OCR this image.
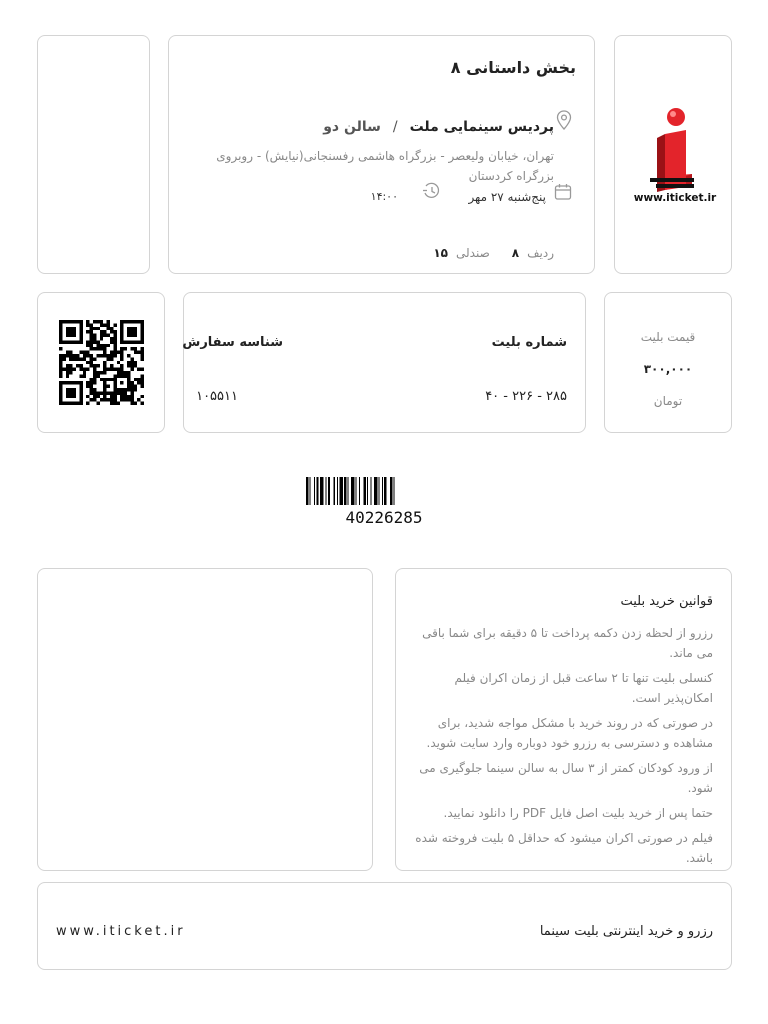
بخش داستانی ۸
پردیس سینمایی ملت/سالن دو
تهران، خیابان ولیعصر - بزرگراه هاشمی رفسنجانی(نیایش) - روبروی بزرگراه کردستان
پنج‌شنبه ۲۷ مهر
۱۴:۰۰
ردیف۸صندلی۱۵
www.iticket.ir
شماره بلیت
شناسه سفارش
۲۸۵ - ۲۲۶ - ۴۰
۱۰۵۵۱۱
قیمت بلیت
۳۰۰,۰۰۰
تومان
40226285
قوانین خرید بلیت
رزرو از لحظه زدن دکمه پرداخت تا ۵ دقیقه برای شما باقی می ماند.
کنسلی بلیت تنها تا ۲ ساعت قبل از زمان اکران فیلم امکان‌پذیر است.
در صورتی که در روند خرید با مشکل مواجه شدید، برای مشاهده و دسترسی به رزرو خود دوباره وارد سایت شوید.
از ورود کودکان کمتر از ۳ سال به سالن سینما جلوگیری می شود.
حتما پس از خرید بلیت اصل فایل PDF را دانلود نمایید.
فیلم در صورتی اکران میشود که حداقل ۵ بلیت فروخته شده باشد.
www.iticket.ir	رزرو و خرید اینترنتی بلیت سینما
